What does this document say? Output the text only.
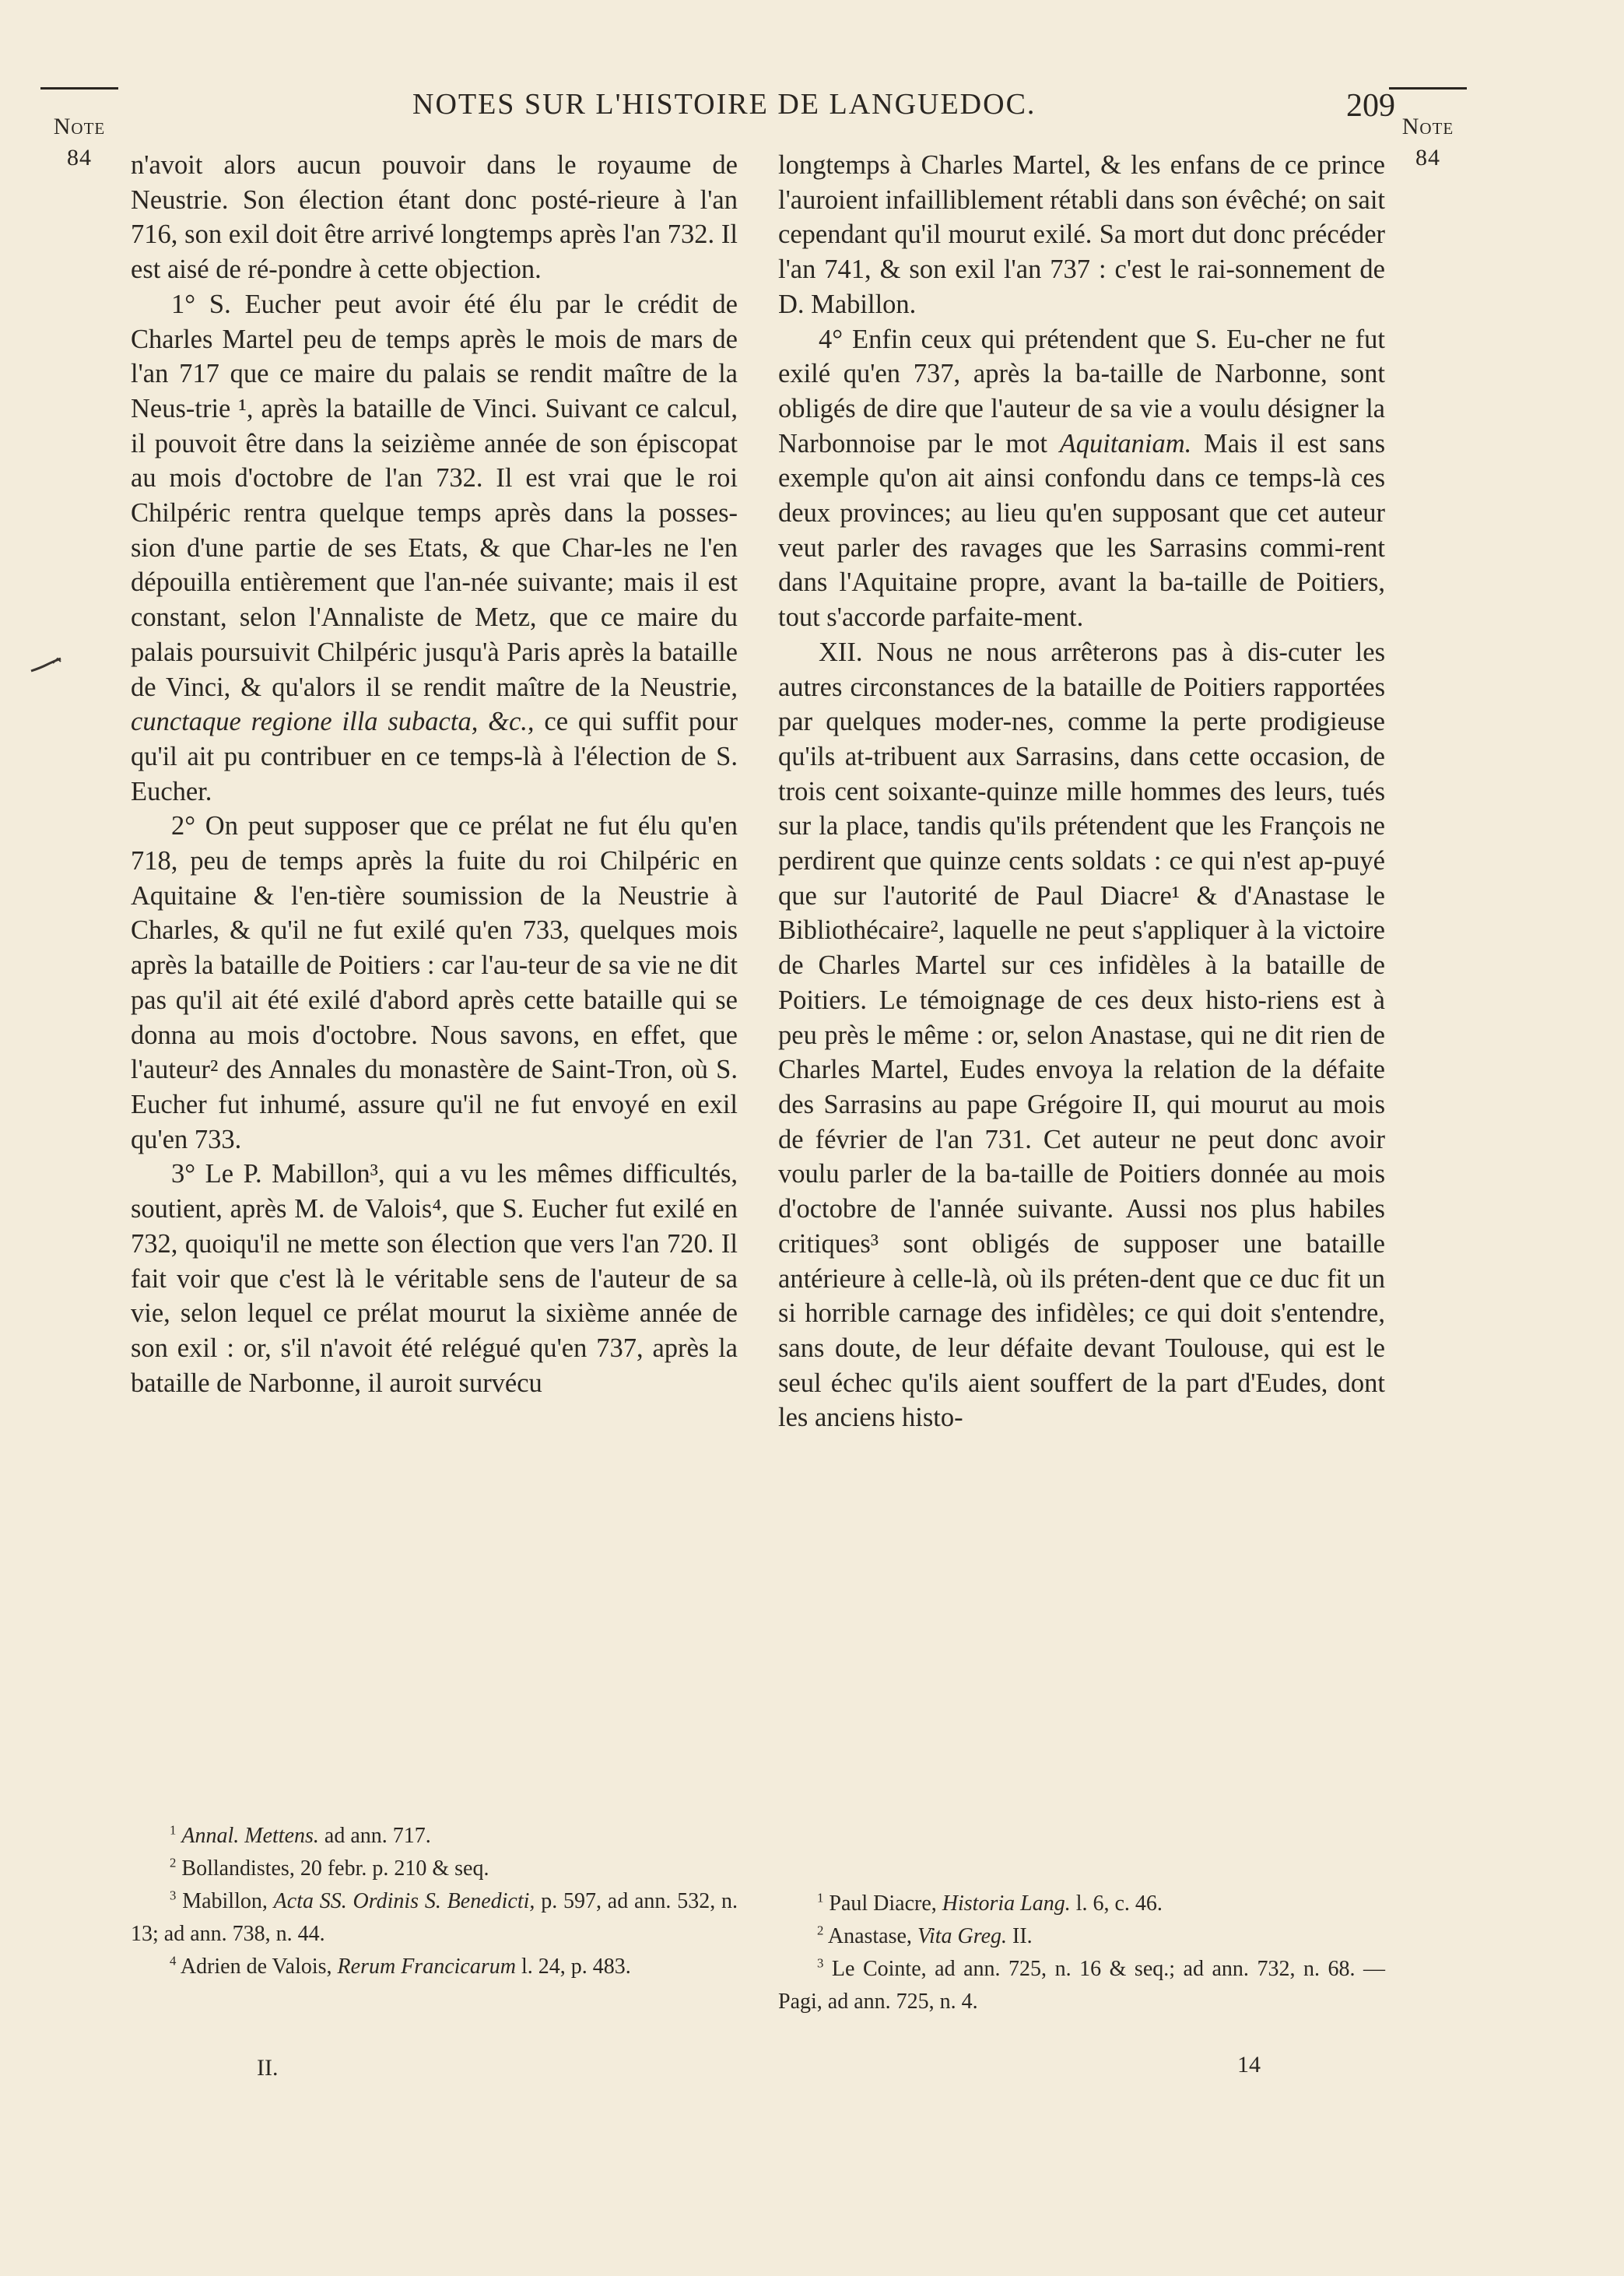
Note
84
Note
84
NOTES SUR L'HISTOIRE DE LANGUEDOC.	209

n'avoit alors aucun pouvoir dans le royaume de Neustrie. Son élection étant donc posté-rieure à l'an 716, son exil doit être arrivé longtemps après l'an 732. Il est aisé de ré-pondre à cette objection.

1° S. Eucher peut avoir été élu par le crédit de Charles Martel peu de temps après le mois de mars de l'an 717 que ce maire du palais se rendit maître de la Neus-trie ¹, après la bataille de Vinci. Suivant ce calcul, il pouvoit être dans la seizième année de son épiscopat au mois d'octobre de l'an 732. Il est vrai que le roi Chilpéric rentra quelque temps après dans la posses-sion d'une partie de ses Etats, & que Char-les ne l'en dépouilla entièrement que l'an-née suivante; mais il est constant, selon l'Annaliste de Metz, que ce maire du palais poursuivit Chilpéric jusqu'à Paris après la bataille de Vinci, & qu'alors il se rendit maître de la Neustrie, cunctaque regione illa subacta, &c., ce qui suffit pour qu'il ait pu contribuer en ce temps-là à l'élection de S. Eucher.

2° On peut supposer que ce prélat ne fut élu qu'en 718, peu de temps après la fuite du roi Chilpéric en Aquitaine & l'en-tière soumission de la Neustrie à Charles, & qu'il ne fut exilé qu'en 733, quelques mois après la bataille de Poitiers : car l'au-teur de sa vie ne dit pas qu'il ait été exilé d'abord après cette bataille qui se donna au mois d'octobre. Nous savons, en effet, que l'auteur² des Annales du monastère de Saint-Tron, où S. Eucher fut inhumé, assure qu'il ne fut envoyé en exil qu'en 733.

3° Le P. Mabillon³, qui a vu les mêmes difficultés, soutient, après M. de Valois⁴, que S. Eucher fut exilé en 732, quoiqu'il ne mette son élection que vers l'an 720. Il fait voir que c'est là le véritable sens de l'auteur de sa vie, selon lequel ce prélat mourut la sixième année de son exil : or, s'il n'avoit été relégué qu'en 737, après la bataille de Narbonne, il auroit survécu

longtemps à Charles Martel, & les enfans de ce prince l'auroient infailliblement rétabli dans son évêché; on sait cependant qu'il mourut exilé. Sa mort dut donc précéder l'an 741, & son exil l'an 737 : c'est le rai-sonnement de D. Mabillon.

4° Enfin ceux qui prétendent que S. Eu-cher ne fut exilé qu'en 737, après la ba-taille de Narbonne, sont obligés de dire que l'auteur de sa vie a voulu désigner la Narbonnoise par le mot Aquitaniam. Mais il est sans exemple qu'on ait ainsi confondu dans ce temps-là ces deux provinces; au lieu qu'en supposant que cet auteur veut parler des ravages que les Sarrasins commi-rent dans l'Aquitaine propre, avant la ba-taille de Poitiers, tout s'accorde parfaite-ment.

XII. Nous ne nous arrêterons pas à dis-cuter les autres circonstances de la bataille de Poitiers rapportées par quelques moder-nes, comme la perte prodigieuse qu'ils at-tribuent aux Sarrasins, dans cette occasion, de trois cent soixante-quinze mille hommes des leurs, tués sur la place, tandis qu'ils prétendent que les François ne perdirent que quinze cents soldats : ce qui n'est ap-puyé que sur l'autorité de Paul Diacre¹ & d'Anastase le Bibliothécaire², laquelle ne peut s'appliquer à la victoire de Charles Martel sur ces infidèles à la bataille de Poitiers. Le témoignage de ces deux histo-riens est à peu près le même : or, selon Anastase, qui ne dit rien de Charles Martel, Eudes envoya la relation de la défaite des Sarrasins au pape Grégoire II, qui mourut au mois de février de l'an 731. Cet auteur ne peut donc avoir voulu parler de la ba-taille de Poitiers donnée au mois d'octobre de l'année suivante. Aussi nos plus habiles critiques³ sont obligés de supposer une bataille antérieure à celle-là, où ils préten-dent que ce duc fit un si horrible carnage des infidèles; ce qui doit s'entendre, sans doute, de leur défaite devant Toulouse, qui est le seul échec qu'ils aient souffert de la part d'Eudes, dont les anciens histo-

$^1$ Annal. Mettens. ad ann. 717.

$^2$ Bollandistes, 20 febr. p. 210 & seq.

$^3$ Mabillon, Acta SS. Ordinis S. Benedicti, p. 597, ad ann. 532, n. 13; ad ann. 738, n. 44.

$^4$ Adrien de Valois, Rerum Francicarum l. 24, p. 483.

$^1$ Paul Diacre, Historia Lang. l. 6, c. 46.

$^2$ Anastase, Vita Greg. II.

$^3$ Le Cointe, ad ann. 725, n. 16 & seq.; ad ann. 732, n. 68. — Pagi, ad ann. 725, n. 4.

II.	14
